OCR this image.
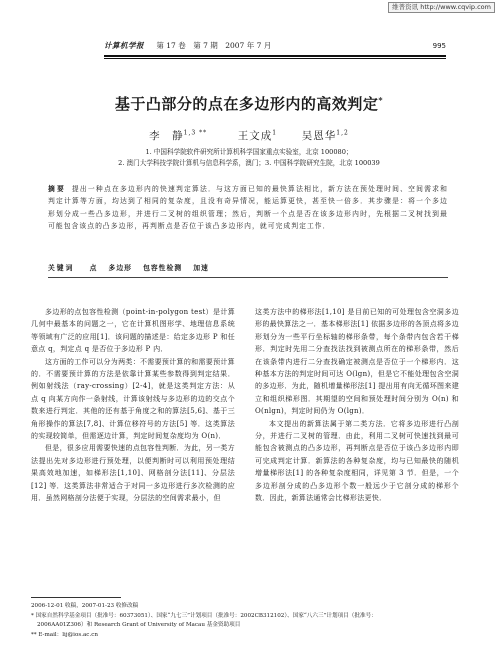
维普资讯 http://www.cqvip.com
计算机学报 第 17 卷　第 7 期　2007 年 7 月	995
基于凸部分的点在多边形内的高效判定*
李　静$^{1,3 **}$	王文成$^1$ 吴恩华$^{1,2}$
1. 中国科学院软件研究所计算机科学国家重点实验室，北京 100080；
2. 澳门大学科技学院计算机与信息科学系，澳门；3. 中国科学院研究生院，北京 100039
摘要 提出一种点在多边形内的快速判定算法．与这方面已知的最快算法相比，新方法在预处理时间、空间需求和判定计算等方面，均达到了相同的复杂度，且没有奇异情况，能运算更快，甚至快一倍多．其步骤是：将一个多边形划分成一些凸多边形，并进行二叉树的组织管理；然后，判断一个点是否在该多边形内时，先根据二叉树找到最可能包含该点的凸多边形，再判断点是否位于该凸多边形内，就可完成判定工作．
关键词 点 多边形 包容性检测 加速

多边形的点包容性检测（point-in-polygon test）是计算几何中最基本的问题之一，它在计算机图形学、地理信息系统等领域有广泛的应用[1]．该问题的描述是：给定多边形 P 和任意点 q，判定点 q 是否位于多边形 P 内．

这方面的工作可以分为两类：不需要预计算的和需要预计算的．不需要预计算的方法是依靠计算某些参数得到判定结果．例如射线法（ray-crossing）[2-4]，就是这类判定方法：从点 q 向某方向作一条射线，计算该射线与多边形的边的交点个数来进行判定．其他的还有基于角度之和的算法[5,6]、基于三角形操作的算法[7,8]、计算位移符号的方法[5] 等．这类算法的实现较简单，但需逐边计算，判定时间复杂度均为 O(n)．

但是，很多应用需要快速的点包容性判断．为此，另一类方法提出先对多边形进行预处理，以便判断时可以利用预处理结果高效地加速，如梯形法[1,10]、网格剖分法[11]、分层法[12] 等．这类算法非常适合于对同一多边形进行多次检测的应用．虽然网格剖分法便于实现，分层法的空间需求最小，但

这类方法中的梯形法[1,10] 是目前已知的可处理包含空洞多边形的最快算法之一．基本梯形法[1] 依据多边形的各顶点将多边形划分为一些平行坐标轴的梯形条带，每个条带内包含若干梯形．判定时先用二分查找法找到被测点所在的梯形条带，然后在该条带内进行二分查找确定被测点是否位于一个梯形内．这种基本方法的判定时间可达 O(lgn)，但是它不能处理包含空洞的多边形．为此，随机增量梯形法[1] 提出用有向无循环图来建立和组织梯形图．其期望的空间和预处理时间分别为 O(n) 和 O(nlgn)，判定时间仍为 O(lgn)．

本文提出的新算法属于第二类方法．它将多边形进行凸剖分，并进行二叉树的管理．由此，利用二叉树可快速找到最可能包含被测点的凸多边形，再判断点是否位于该凸多边形内即可完成判定计算．新算法的各种复杂度，均与已知最快的随机增量梯形法[1] 的各种复杂度相同，详见第 3 节．但是，一个多边形剖分成的凸多边形个数一般远少于它剖分成的梯形个数．因此，新算法通常会比梯形法更快．

2006-12-01 收稿，2007-01-23 收修改稿
* 国家自然科学基金项目（批准号：60373051）、国家“九七三”计划项目（批准号：2002CB312102）、国家“八六三”计划项目（批准号：
2006AA01Z306）和 Research Grant of University of Macau 基金资助项目
** E-mail：lij@ios.ac.cn
